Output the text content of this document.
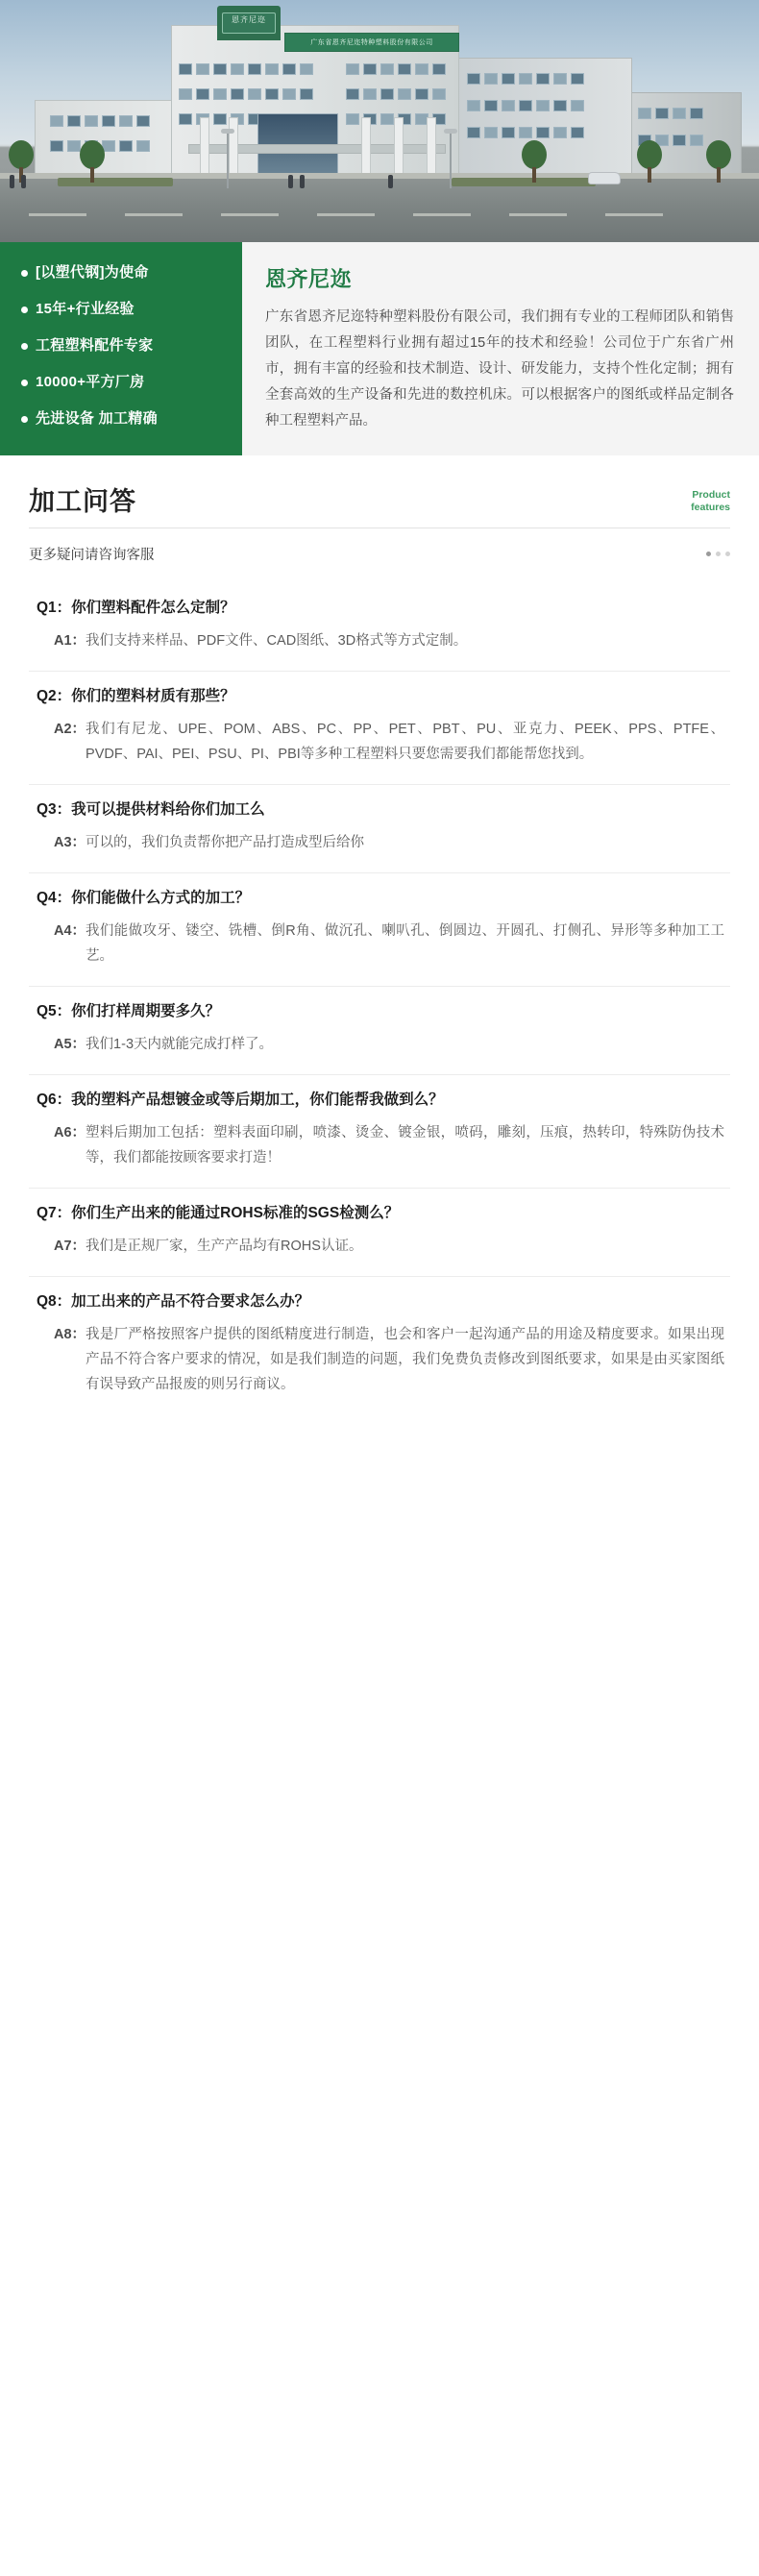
恩齐尼迩
广东省恩齐尼迩特种塑料股份有限公司
[以塑代钢]为使命
15年+行业经验
工程塑料配件专家
10000+平方厂房
先进设备 加工精确
恩齐尼迩
广东省恩齐尼迩特种塑料股份有限公司，我们拥有专业的工程师团队和销售团队，在工程塑料行业拥有超过15年的技术和经验！公司位于广东省广州市，拥有丰富的经验和技术制造、设计、研发能力，支持个性化定制；拥有全套高效的生产设备和先进的数控机床。可以根据客户的图纸或样品定制各种工程塑料产品。
加工问答	Product
features
更多疑问请咨询客服
Q1：你们塑料配件怎么定制？
A1： 我们支持来样品、PDF文件、CAD图纸、3D格式等方式定制。
Q2：你们的塑料材质有那些？
A2： 我们有尼龙、UPE、POM、ABS、PC、PP、PET、PBT、PU、亚克力、PEEK、PPS、PTFE、PVDF、PAI、PEI、PSU、PI、PBI等多种工程塑料只要您需要我们都能帮您找到。
Q3：我可以提供材料给你们加工么
A3： 可以的，我们负责帮你把产品打造成型后给你
Q4：你们能做什么方式的加工？
A4： 我们能做攻牙、镂空、铣槽、倒R角、做沉孔、喇叭孔、倒圆边、开圆孔、打侧孔、异形等多种加工工艺。
Q5：你们打样周期要多久？
A5： 我们1-3天内就能完成打样了。
Q6：我的塑料产品想镀金或等后期加工，你们能帮我做到么？
A6： 塑料后期加工包括：塑料表面印刷，喷漆、烫金、镀金银，喷码，雕刻，压痕，热转印，特殊防伪技术等，我们都能按顾客要求打造！
Q7：你们生产出来的能通过ROHS标准的SGS检测么？
A7： 我们是正规厂家，生产产品均有ROHS认证。
Q8：加工出来的产品不符合要求怎么办？
A8： 我是厂严格按照客户提供的图纸精度进行制造，也会和客户一起沟通产品的用途及精度要求。如果出现产品不符合客户要求的情况，如是我们制造的问题，我们免费负责修改到图纸要求，如果是由买家图纸有误导致产品报废的则另行商议。
